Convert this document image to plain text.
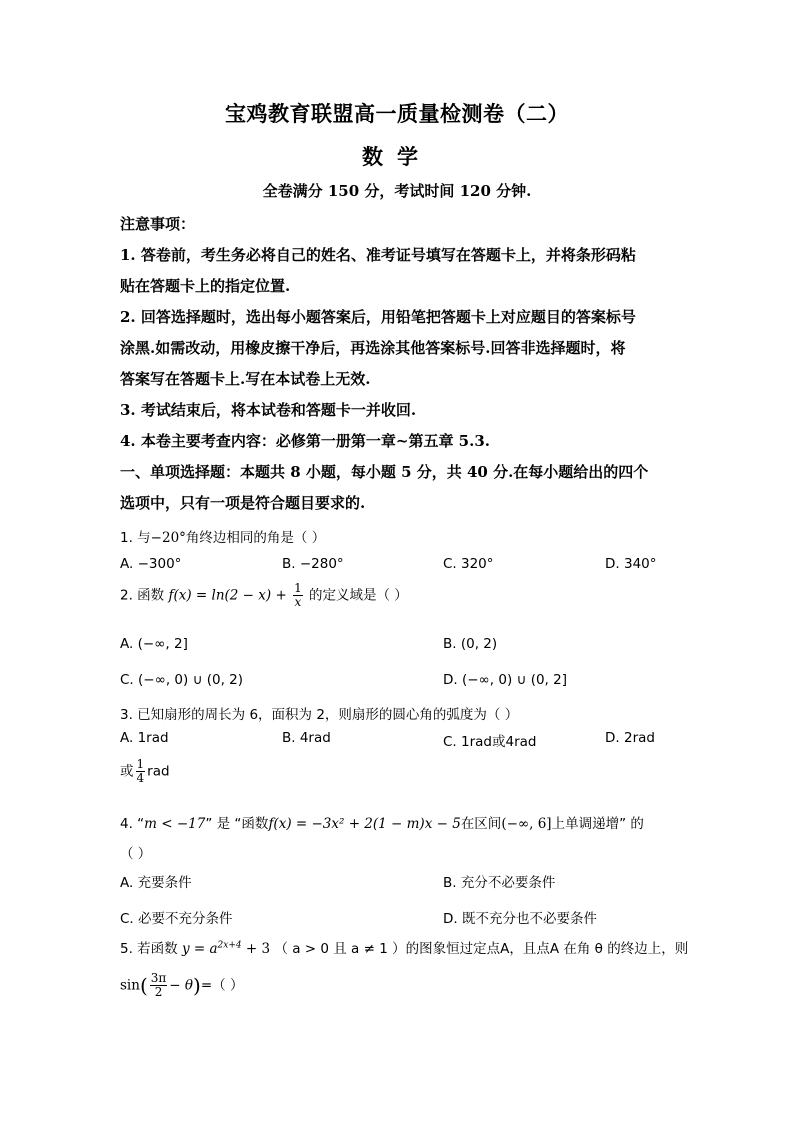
宝鸡教育联盟高一质量检测卷（二）
数学
全卷满分 150 分，考试时间 120 分钟.
注意事项：
1. 答卷前，考生务必将自己的姓名、准考证号填写在答题卡上，并将条形码粘
贴在答题卡上的指定位置.
2. 回答选择题时，选出每小题答案后，用铅笔把答题卡上对应题目的答案标号
涂黑.如需改动，用橡皮擦干净后，再选涂其他答案标号.回答非选择题时，将
答案写在答题卡上.写在本试卷上无效.
3. 考试结束后，将本试卷和答题卡一并收回.
4. 本卷主要考查内容：必修第一册第一章~第五章 5.3.
一、单项选择题：本题共 8 小题，每小题 5 分，共 40 分.在每小题给出的四个
选项中，只有一项是符合题目要求的.
1. 与−20°角终边相同的角是（ ）
A. −300°	B. −280°	C. 320°	D. 340°
2. 函数 $f(x) = \ln(2 - x) + \frac{1}{x}$ 的定义域是（ ）
A. (−∞, 2]	B. (0, 2)
C. (−∞, 0) ∪ (0, 2)	D. (−∞, 0) ∪ (0, 2]
3. 已知扇形的周长为 6，面积为 2，则扇形的圆心角的弧度为（ ）
A. 1rad	B. 4rad	C. 1rad或4rad	D. 2rad
或 $\frac{1}{4}$ rad
4. “m < −17” 是 “函数f(x) = −3x² + 2(1 − m)x − 5在区间(−∞, 6]上单调递增” 的
（ ）
A. 充要条件	B. 充分不必要条件
C. 必要不充分条件	D. 既不充分也不必要条件
5. 若函数 $y = a^{2x+4} + 3$ （ a > 0 且 a ≠ 1 ）的图象恒过定点A，且点A 在角 θ 的终边上，则
$\sin( \frac{3\pi}{2} - \theta)=$（ ）
